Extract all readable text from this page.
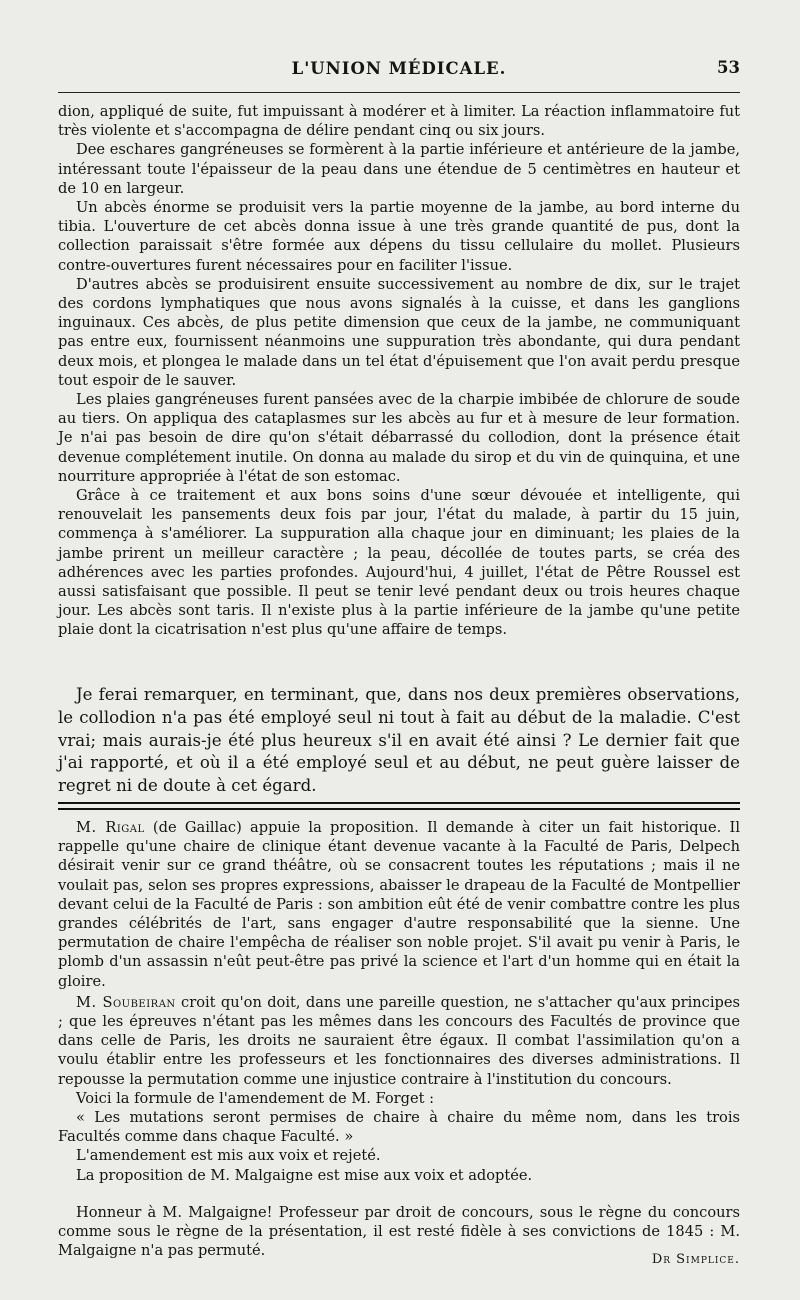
L'UNION MÉDICALE.	53

dion, appliqué de suite, fut impuissant à modérer et à limiter. La réaction inflammatoire fut très violente et s'accompagna de délire pendant cinq ou six jours.

Dee eschares gangréneuses se formèrent à la partie inférieure et antérieure de la jambe, intéressant toute l'épaisseur de la peau dans une étendue de 5 centimètres en hauteur et de 10 en largeur.

Un abcès énorme se produisit vers la partie moyenne de la jambe, au bord interne du tibia. L'ouverture de cet abcès donna issue à une très grande quantité de pus, dont la collection paraissait s'être formée aux dépens du tissu cellulaire du mollet. Plusieurs contre-ouvertures furent nécessaires pour en faciliter l'issue.

D'autres abcès se produisirent ensuite successivement au nombre de dix, sur le trajet des cordons lymphatiques que nous avons signalés à la cuisse, et dans les ganglions inguinaux. Ces abcès, de plus petite dimension que ceux de la jambe, ne communiquant pas entre eux, fournissent néanmoins une suppuration très abondante, qui dura pendant deux mois, et plongea le malade dans un tel état d'épuisement que l'on avait perdu presque tout espoir de le sauver.

Les plaies gangréneuses furent pansées avec de la charpie imbibée de chlorure de soude au tiers. On appliqua des cataplasmes sur les abcès au fur et à mesure de leur formation. Je n'ai pas besoin de dire qu'on s'était débarrassé du collodion, dont la présence était devenue complétement inutile. On donna au malade du sirop et du vin de quinquina, et une nourriture appropriée à l'état de son estomac.

Grâce à ce traitement et aux bons soins d'une sœur dévouée et intelligente, qui renouvelait les pansements deux fois par jour, l'état du malade, à partir du 15 juin, commença à s'améliorer. La suppuration alla chaque jour en diminuant; les plaies de la jambe prirent un meilleur caractère ; la peau, décollée de toutes parts, se créa des adhérences avec les parties profondes. Aujourd'hui, 4 juillet, l'état de Pêtre Roussel est aussi satisfaisant que possible. Il peut se tenir levé pendant deux ou trois heures chaque jour. Les abcès sont taris. Il n'existe plus à la partie inférieure de la jambe qu'une petite plaie dont la cicatrisation n'est plus qu'une affaire de temps.

Je ferai remarquer, en terminant, que, dans nos deux premières observations, le collodion n'a pas été employé seul ni tout à fait au début de la maladie. C'est vrai; mais aurais-je été plus heureux s'il en avait été ainsi ? Le dernier fait que j'ai rapporté, et où il a été employé seul et au début, ne peut guère laisser de regret ni de doute à cet égard.

M. Rigal (de Gaillac) appuie la proposition. Il demande à citer un fait historique. Il rappelle qu'une chaire de clinique étant devenue vacante à la Faculté de Paris, Delpech désirait venir sur ce grand théâtre, où se consacrent toutes les réputations ; mais il ne voulait pas, selon ses propres expressions, abaisser le drapeau de la Faculté de Montpellier devant celui de la Faculté de Paris : son ambition eût été de venir combattre contre les plus grandes célébrités de l'art, sans engager d'autre responsabilité que la sienne. Une permutation de chaire l'empêcha de réaliser son noble projet. S'il avait pu venir à Paris, le plomb d'un assassin n'eût peut-être pas privé la science et l'art d'un homme qui en était la gloire.

M. Soubeiran croit qu'on doit, dans une pareille question, ne s'attacher qu'aux principes ; que les épreuves n'étant pas les mêmes dans les concours des Facultés de province que dans celle de Paris, les droits ne sauraient être égaux. Il combat l'assimilation qu'on a voulu établir entre les professeurs et les fonctionnaires des diverses administrations. Il repousse la permutation comme une injustice contraire à l'institution du concours.

Voici la formule de l'amendement de M. Forget :

« Les mutations seront permises de chaire à chaire du même nom, dans les trois Facultés comme dans chaque Faculté. »

L'amendement est mis aux voix et rejeté.

La proposition de M. Malgaigne est mise aux voix et adoptée.

Honneur à M. Malgaigne! Professeur par droit de concours, sous le règne du concours comme sous le règne de la présentation, il est resté fidèle à ses convictions de 1845 : M. Malgaigne n'a pas permuté.

Dr Simplice.
